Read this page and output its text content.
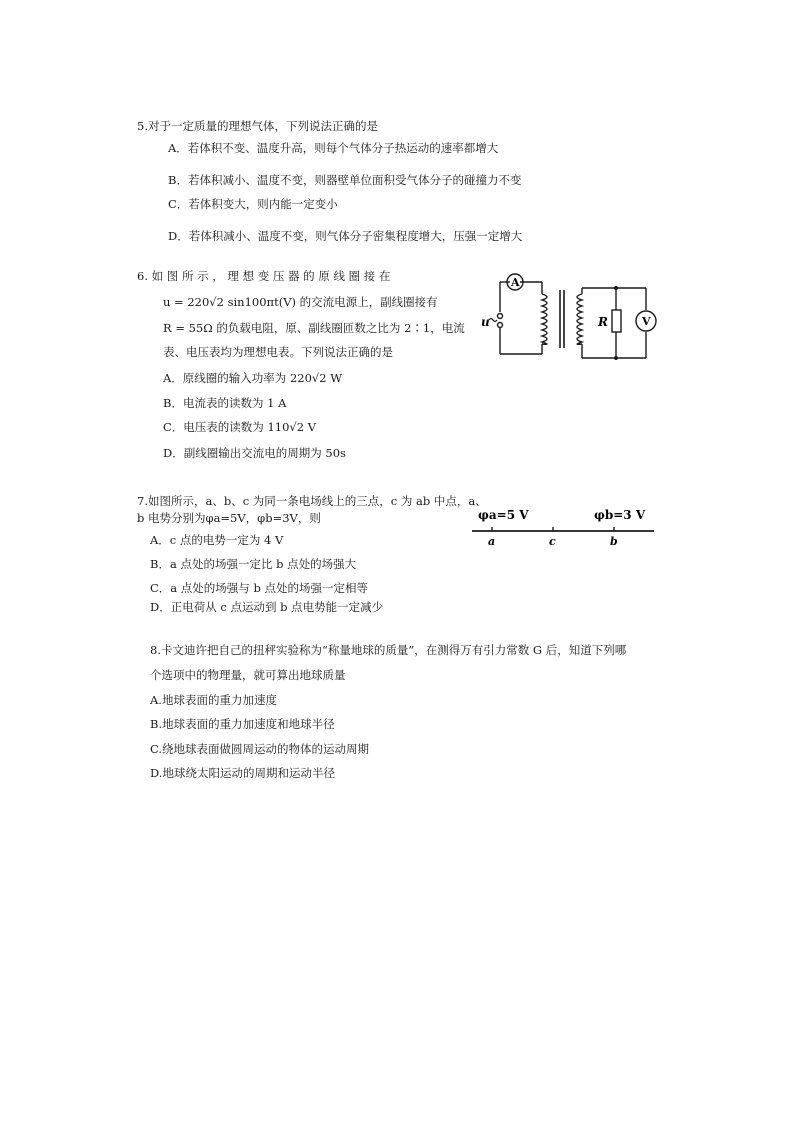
5.对于一定质量的理想气体，下列说法正确的是
A．若体积不变、温度升高，则每个气体分子热运动的速率都增大
B．若体积减小、温度不变，则器壁单位面积受气体分子的碰撞力不变
C．若体积变大，则内能一定变小
D．若体积减小、温度不变，则气体分子密集程度增大，压强一定增大
6. 如 图 所 示 ， 理 想 变 压 器 的 原 线 圈 接 在
u = 220√2 sin100πt(V) 的交流电源上，副线圈接有
R = 55Ω 的负载电阻，原、副线圈匝数之比为 2∶1，电流
表、电压表均为理想电表。下列说法正确的是
A．原线圈的输入功率为 220√2 W
B．电流表的读数为 1 A
C．电压表的读数为 110√2 V
D．副线圈输出交流电的周期为 50s
A
V
R
u
7.如图所示，a、b、c 为同一条电场线上的三点，c 为 ab 中点，a、
b 电势分别为φa=5V，φb=3V，则
A．c 点的电势一定为 4 V
B．a 点处的场强一定比 b 点处的场强大
C．a 点处的场强与 b 点处的场强一定相等
D．正电荷从 c 点运动到 b 点电势能一定减少
φa=5 V	φb=3 V
a	c	b
8.卡文迪许把自己的扭秤实验称为“称量地球的质量”，在测得万有引力常数 G 后，知道下列哪
个选项中的物理量，就可算出地球质量
A.地球表面的重力加速度
B.地球表面的重力加速度和地球半径
C.绕地球表面做圆周运动的物体的运动周期
D.地球绕太阳运动的周期和运动半径
